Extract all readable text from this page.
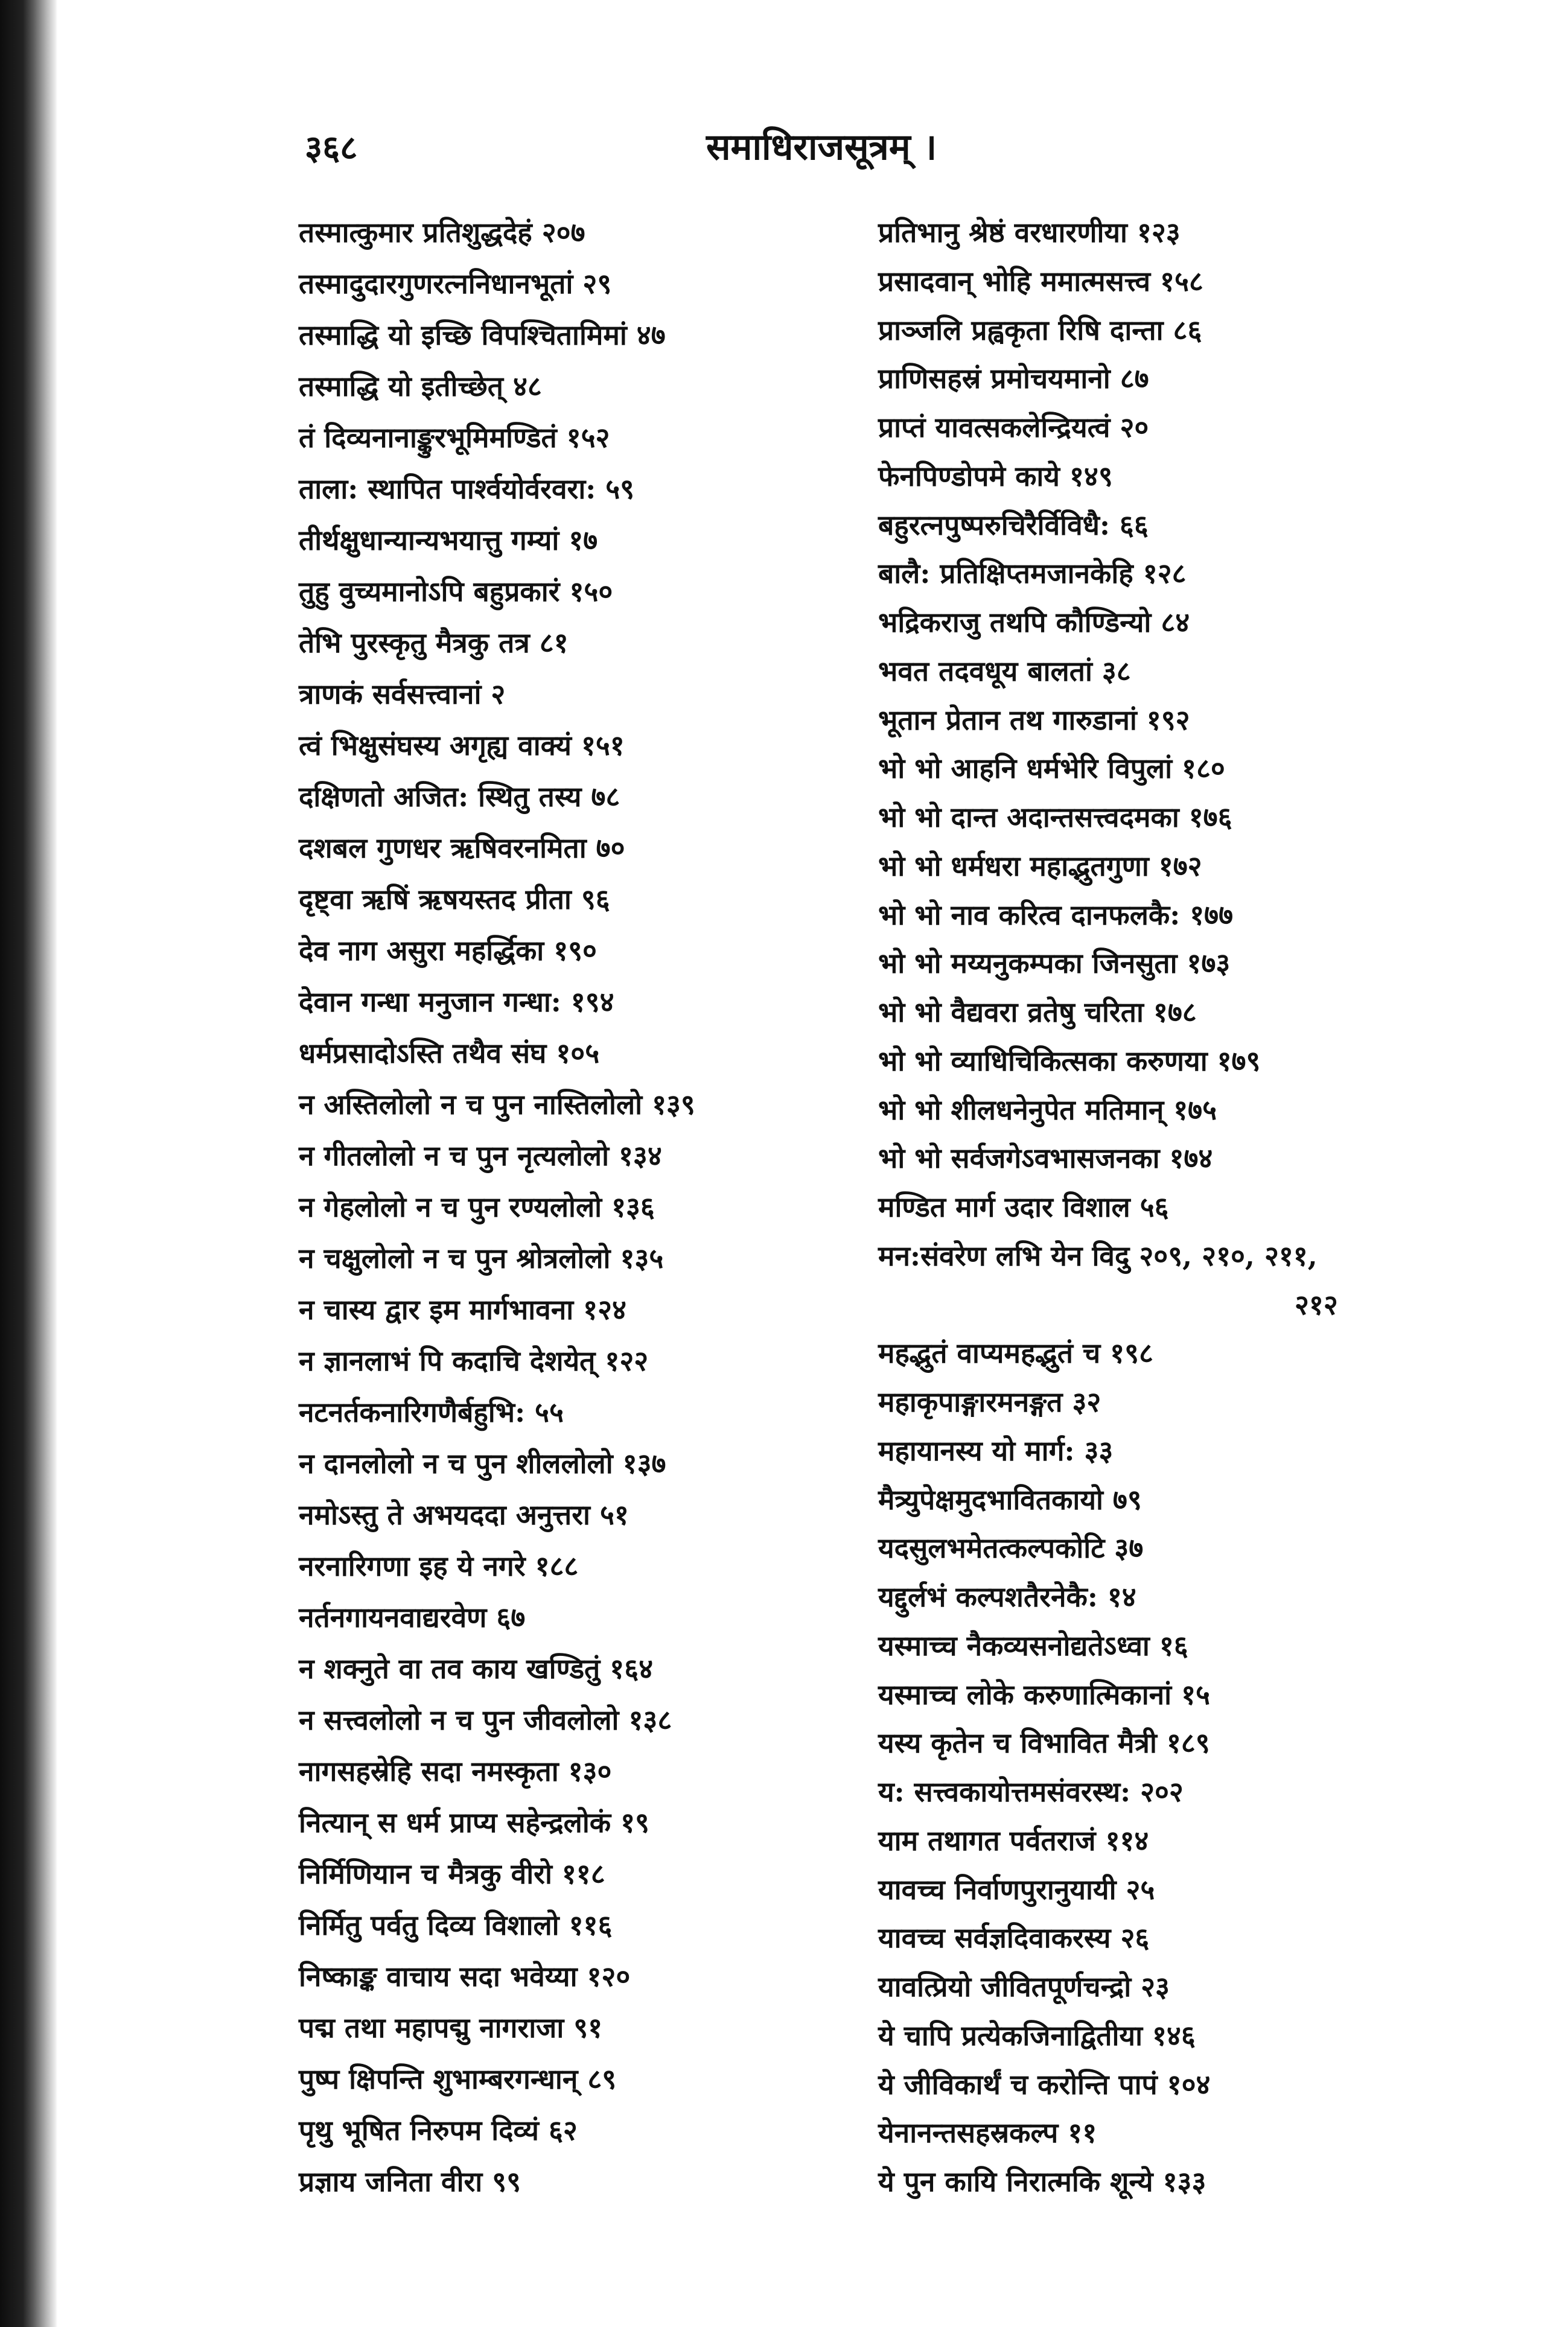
३६८	समाधिराजसूत्रम् ।
तस्मात्कुमार प्रतिशुद्धदेहं २०७
तस्मादुदारगुणरत्ननिधानभूतां २९
तस्माद्धि यो इच्छि विपश्चितामिमां ४७
तस्माद्धि यो इतीच्छेत् ४८
तं दिव्यनानाङ्कुरभूमिमण्डितं १५२
ताला: स्थापित पार्श्वयोर्वरवरा: ५९
तीर्थक्षुधान्यान्यभयात्तु गम्यां १७
तुहु वुच्यमानोऽपि बहुप्रकारं १५०
तेभि पुरस्कृतु मैत्रकु तत्र ८१
त्राणकं सर्वसत्त्वानां २
त्वं भिक्षुसंघस्य अगृह्य वाक्यं १५१
दक्षिणतो अजित: स्थितु तस्य ७८
दशबल गुणधर ऋषिवरनमिता ७०
दृष्ट्वा ऋषिं ऋषयस्तद प्रीता ९६
देव नाग असुरा महर्द्धिका १९०
देवान गन्धा मनुजान गन्धा: १९४
धर्मप्रसादोऽस्ति तथैव संघ १०५
न अस्तिलोलो न च पुन नास्तिलोलो १३९
न गीतलोलो न च पुन नृत्यलोलो १३४
न गेहलोलो न च पुन रण्यलोलो १३६
न चक्षुलोलो न च पुन श्रोत्रलोलो १३५
न चास्य द्वार इम मार्गभावना १२४
न ज्ञानलाभं पि कदाचि देशयेत् १२२
नटनर्तकनारिगणैर्बहुभि: ५५
न दानलोलो न च पुन शीललोलो १३७
नमोऽस्तु ते अभयददा अनुत्तरा ५१
नरनारिगणा इह ये नगरे १८८
नर्तनगायनवाद्यरवेण ६७
न शक्नुते वा तव काय खण्डितुं १६४
न सत्त्वलोलो न च पुन जीवलोलो १३८
नागसहस्रेहि सदा नमस्कृता १३०
नित्यान् स धर्म प्राप्य सहेन्द्रलोकं १९
निर्मिणियान च मैत्रकु वीरो ११८
निर्मितु पर्वतु दिव्य विशालो ११६
निष्काङ्क वाचाय सदा भवेय्या १२०
पद्म तथा महापद्मु नागराजा ९१
पुष्प क्षिपन्ति शुभाम्बरगन्धान् ८९
पृथु भूषित निरुपम दिव्यं ६२
प्रज्ञाय जनिता वीरा ९९
प्रतिभानु श्रेष्ठं वरधारणीया १२३
प्रसादवान् भोहि ममात्मसत्त्व १५८
प्राञ्जलि प्रह्वकृता रिषि दान्ता ८६
प्राणिसहस्रं प्रमोचयमानो ८७
प्राप्तं यावत्सकलेन्द्रियत्वं २०
फेनपिण्डोपमे काये १४९
बहुरत्नपुष्परुचिरैर्विविधै: ६६
बालै: प्रतिक्षिप्तमजानकेहि १२८
भद्रिकराजु तथपि कौण्डिन्यो ८४
भवत तदवधूय बालतां ३८
भूतान प्रेतान तथ गारुडानां १९२
भो भो आहनि धर्मभेरि विपुलां १८०
भो भो दान्त अदान्तसत्त्वदमका १७६
भो भो धर्मधरा महाद्भुतगुणा १७२
भो भो नाव करित्व दानफलकै: १७७
भो भो मय्यनुकम्पका जिनसुता १७३
भो भो वैद्यवरा व्रतेषु चरिता १७८
भो भो व्याधिचिकित्सका करुणया १७९
भो भो शीलधनेनुपेत मतिमान् १७५
भो भो सर्वजगेऽवभासजनका १७४
मण्डित मार्ग उदार विशाल ५६
मन:संवरेण लभि येन विदु २०९, २१०, २११,
२१२
महद्भुतं वाप्यमहद्भुतं च १९८
महाकृपाङ्गारमनङ्गत ३२
महायानस्य यो मार्ग: ३३
मैत्र्युपेक्षमुदभावितकायो ७९
यदसुलभमेतत्कल्पकोटि ३७
यद्दुर्लभं कल्पशतैरनेकै: १४
यस्माच्च नैकव्यसनोद्यतेऽध्वा १६
यस्माच्च लोके करुणात्मिकानां १५
यस्य कृतेन च विभावित मैत्री १८९
य: सत्त्वकायोत्तमसंवरस्थ: २०२
याम तथागत पर्वतराजं ११४
यावच्च निर्वाणपुरानुयायी २५
यावच्च सर्वज्ञदिवाकरस्य २६
यावत्प्रियो जीवितपूर्णचन्द्रो २३
ये चापि प्रत्येकजिनाद्वितीया १४६
ये जीविकार्थं च करोन्ति पापं १०४
येनानन्तसहस्रकल्प ११
ये पुन कायि निरात्मकि शून्ये १३३
